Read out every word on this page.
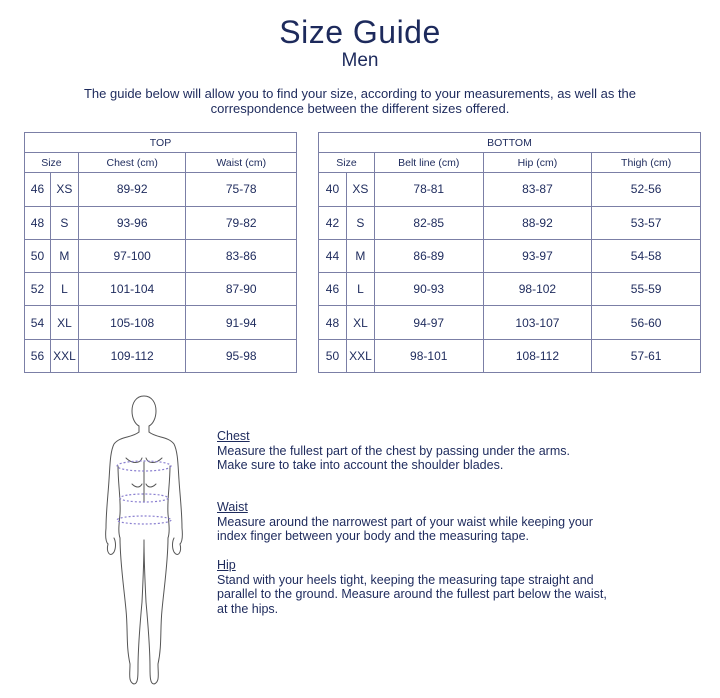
Size Guide
Men
The guide below will allow you to find your size, according to your measurements, as well as the correspondence between the different sizes offered.
TOP			
Size		Chest (cm)	Waist (cm)
46	XS	89-92	75-78
48	S	93-96	79-82
50	M	97-100	83-86
52	L	101-104	87-90
54	XL	105-108	91-94
56	XXL	109-112	95-98
BOTTOM				
Size		Belt line (cm)	Hip (cm)	Thigh (cm)
40	XS	78-81	83-87	52-56
42	S	82-85	88-92	53-57
44	M	86-89	93-97	54-58
46	L	90-93	98-102	55-59
48	XL	94-97	103-107	56-60
50	XXL	98-101	108-112	57-61
Chest
Measure the fullest part of the chest by passing under the arms.
Make sure to take into account the shoulder blades.
Waist
Measure around the narrowest part of your waist while keeping your
index finger between your body and the measuring tape.
Hip
Stand with your heels tight, keeping the measuring tape straight and
parallel to the ground. Measure around the fullest part below the waist,
at the hips.
